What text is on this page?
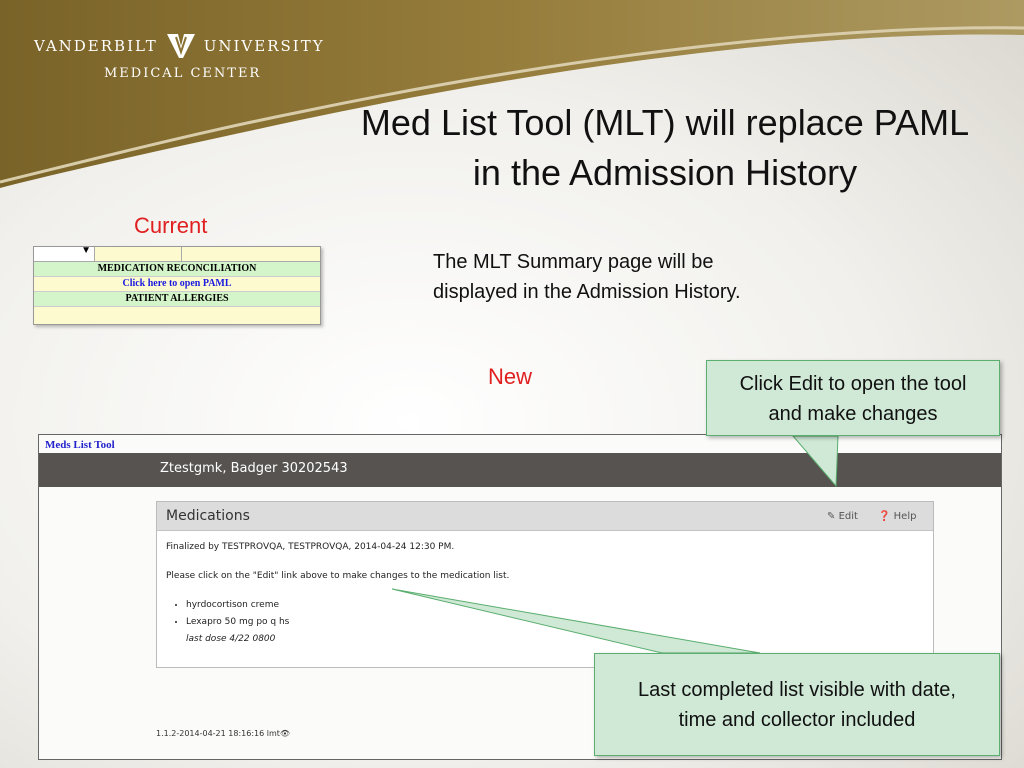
VANDERBILT	UNIVERSITY
MEDICAL CENTER
Med List Tool (MLT) will replace PAML
in the Admission History
Current
▼
MEDICATION RECONCILIATION
Click here to open PAML
PATIENT ALLERGIES
The MLT Summary page will be
displayed in the Admission History.
New
Meds List Tool
Ztestgmk, Badger 30202543
Medications	✎ Edit ❓ Help
Finalized by TESTPROVQA, TESTPROVQA, 2014-04-24 12:30 PM.
Please click on the "Edit" link above to make changes to the medication list.
• hyrdocortison creme
• Lexapro 50 mg po q hs
last dose 4/22 0800
1.1.2-2014-04-21 18:16:16 lmt👁
Click Edit to open the tool
and make changes
Last completed list visible with date,
time and collector included
